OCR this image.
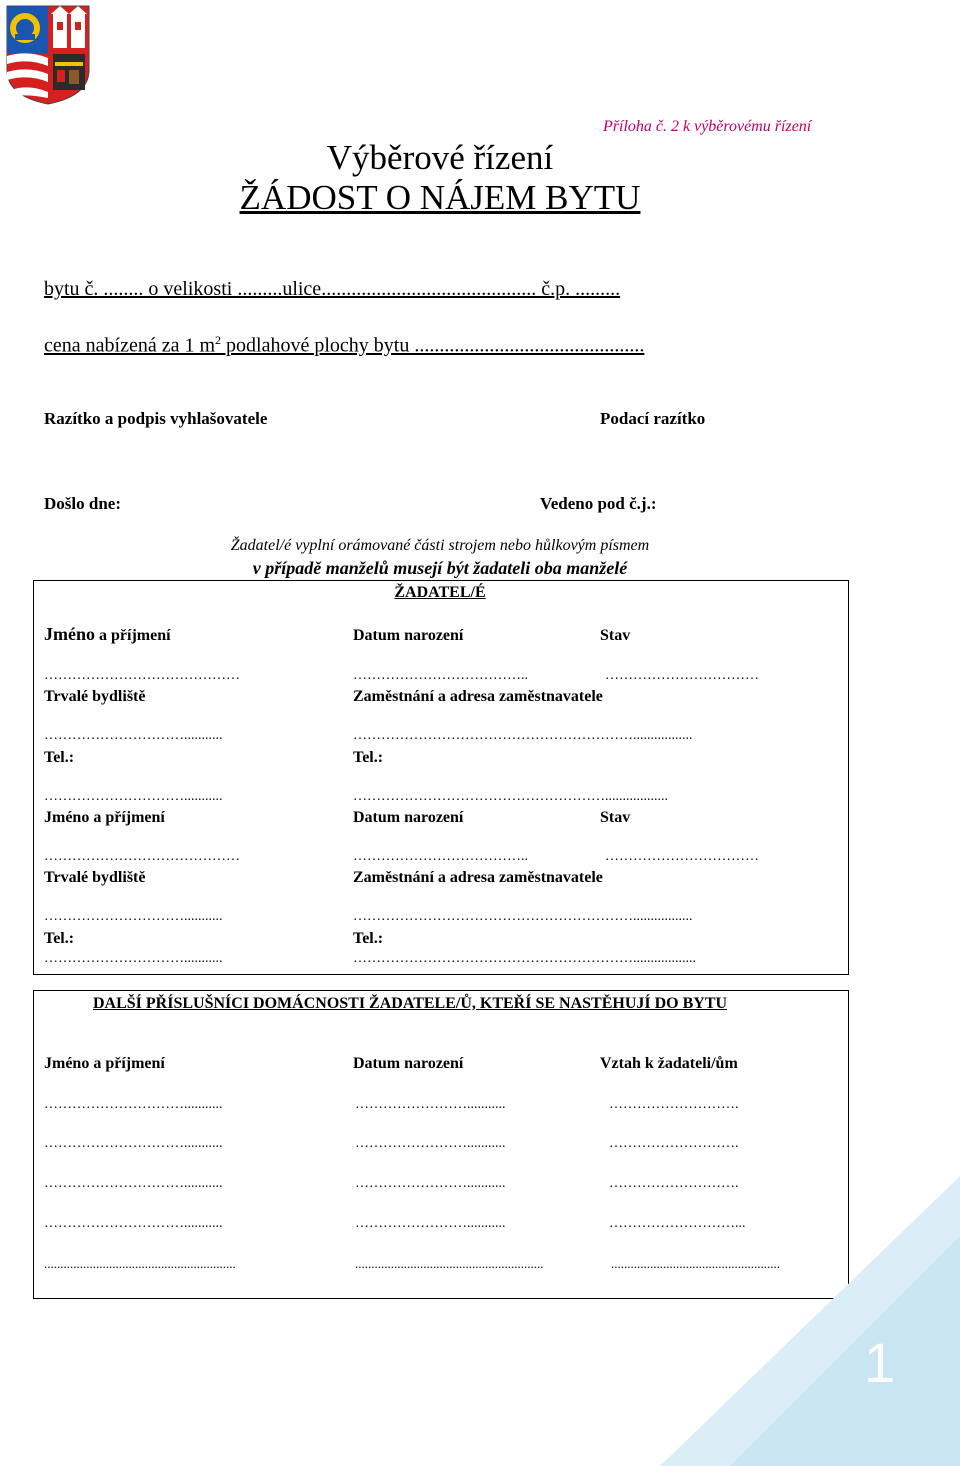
Příloha č. 2 k výběrovému řízení
Výběrové řízení
ŽÁDOST O NÁJEM BYTU
bytu č. ........ o velikosti .........ulice........................................... č.p. .........
cena nabízená za 1 $m^2$ podlahové plochy bytu ..............................................
Razítko a podpis vyhlašovatele	Podací razítko
Došlo dne:	Vedeno pod č.j.:
Žadatel/é vyplní orámované části strojem nebo hůlkovým písmem
v případě manželů musejí být žadateli oba manželé
ŽADATEL/É
Jméno a příjmení	Datum narození	Stav
……………………………………	………………………………..	……………………………
Trvalé bydliště	Zaměstnání a adresa zaměstnavatele
…………………………...........	…………………………………………………….................
Tel.:	Tel.:
…………………………...........	………………………………………………..................
Jméno a příjmení	Datum narození	Stav
……………………………………	………………………………..	……………………………
Trvalé bydliště	Zaměstnání a adresa zaměstnavatele
…………………………...........	…………………………………………………….................
Tel.:	Tel.:
…………………………...........	……………………………………………………..................
DALŠÍ PŘÍSLUŠNÍCI DOMÁCNOSTI ŽADATELE/Ů, KTEŘÍ SE NASTĚHUJÍ DO BYTU
Jméno a příjmení	Datum narození	Vztah k žadateli/ům
…………………………...........	……………………...........	……………………….
…………………………...........	……………………...........	……………………….
…………………………...........	……………………...........	……………………….
…………………………...........	……………………...........	………………………...
...........................................................	..........................................................	....................................................
1
